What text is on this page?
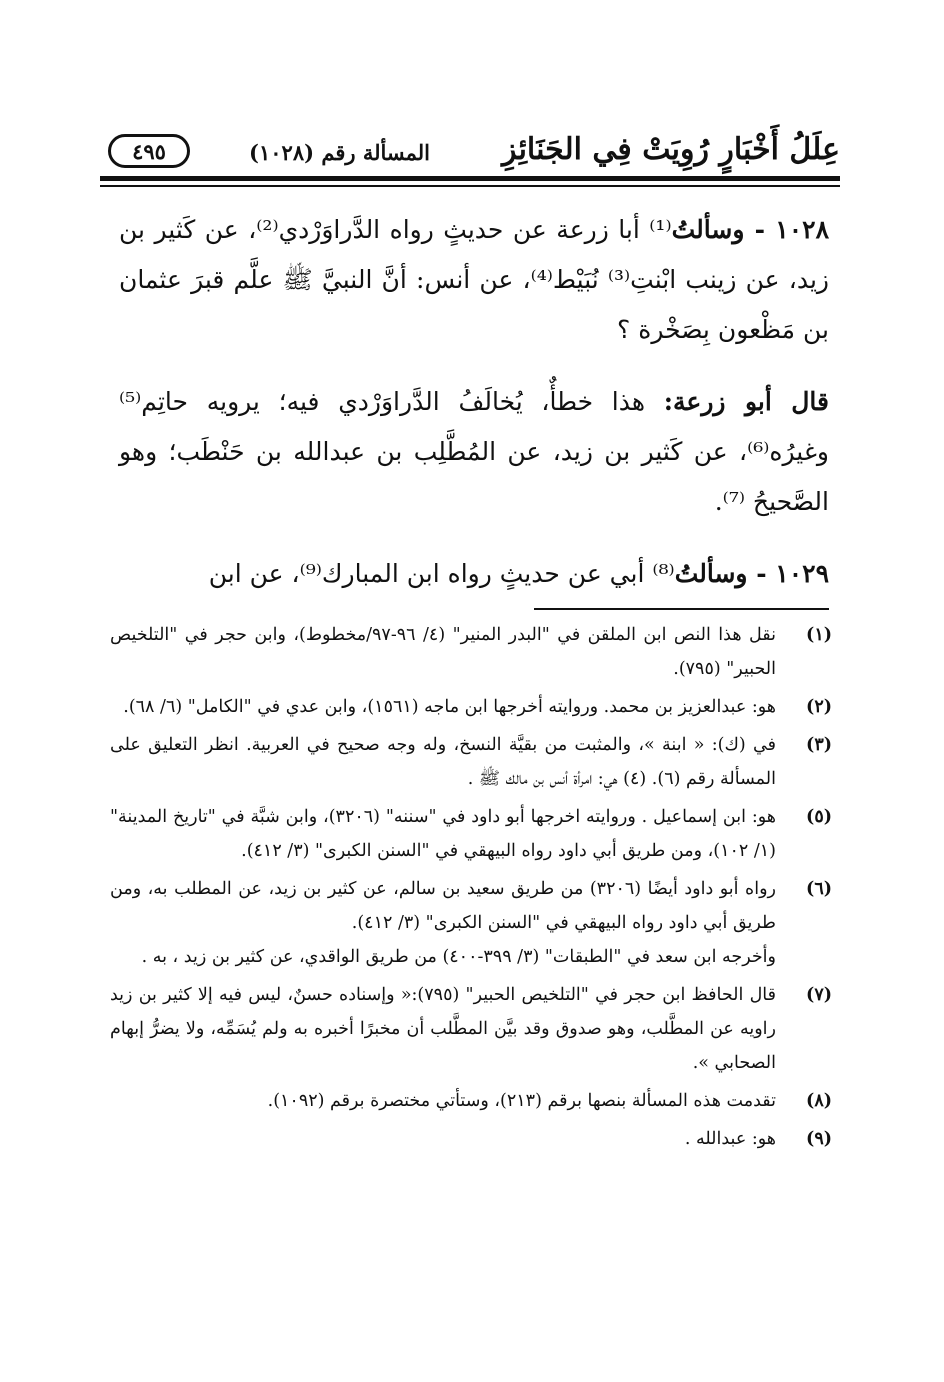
عِلَلُ أَخْبَارٍ رُوِيَتْ فِي الجَنَائِزِ
المسألة رقم (١٠٢٨)
٤٩٥

١٠٢٨ - وسألتُ⁽¹⁾ أبا زرعة عن حديثٍ رواه الدَّراوَرْدي⁽²⁾، عن كَثير بن زيد، عن زينب ابْنتِ⁽³⁾ نُبَيْط⁽⁴⁾، عن أنس: أنَّ النبيَّ ﷺ علَّم قبرَ عثمان بن مَظْعون بِصَخْرة ؟

قال أبو زرعة: هذا خطأٌ، يُخالَفُ الدَّراوَرْدي فيه؛ يرويه حاتِم⁽⁵⁾ وغيرُه⁽⁶⁾، عن كَثير بن زيد، عن المُطَّلِب بن عبدالله بن حَنْطَب؛ وهو الصَّحيحُ ⁽⁷⁾.

١٠٢٩ - وسألتُ⁽⁸⁾ أبي عن حديثٍ رواه ابن المبارك⁽⁹⁾، عن ابن

(١)
نقل هذا النص ابن الملقن في "البدر المنير" (٤/ ٩٦-٩٧/مخطوط)، وابن حجر في "التلخيص الحبير" (٧٩٥).
(٢)
هو: عبدالعزيز بن محمد. وروايته أخرجها ابن ماجه (١٥٦١)، وابن عدي في "الكامل" (٦/ ٦٨).
(٣)
في (ك): « ابنة »، والمثبت من بقيَّة النسخ، وله وجه صحيح في العربية. انظر التعليق على المسألة رقم (٦). (٤) هي: امرأة أنس بن مالك ﷺ .
(٥)
هو: ابن إسماعيل . وروايته اخرجها أبو داود في "سننه" (٣٢٠٦)، وابن شبَّة في "تاريخ المدينة" (١/ ١٠٢)، ومن طريق أبي داود رواه البيهقي في "السنن الكبرى" (٣/ ٤١٢).
(٦)
رواه أبو داود أيضًا (٣٢٠٦) من طريق سعيد بن سالم، عن كثير بن زيد، عن المطلب به، ومن طريق أبي داود رواه البيهقي في "السنن الكبرى" (٣/ ٤١٢).
وأخرجه ابن سعد في "الطبقات" (٣/ ٣٩٩-٤٠٠) من طريق الواقدي، عن كثير بن زيد ، به .
(٧)
قال الحافظ ابن حجر في "التلخيص الحبير" (٧٩٥):« وإسناده حسنٌ، ليس فيه إلا كثير بن زيد راويه عن المطَّلب، وهو صدوق وقد بيَّن المطَّلب أن مخبرًا أخبره به ولم يُسَمِّه، ولا يضرُّ إبهام الصحابي ».
(٨)
تقدمت هذه المسألة بنصها برقم (٢١٣)، وستأتي مختصرة برقم (١٠٩٢).
(٩)
هو: عبدالله .
